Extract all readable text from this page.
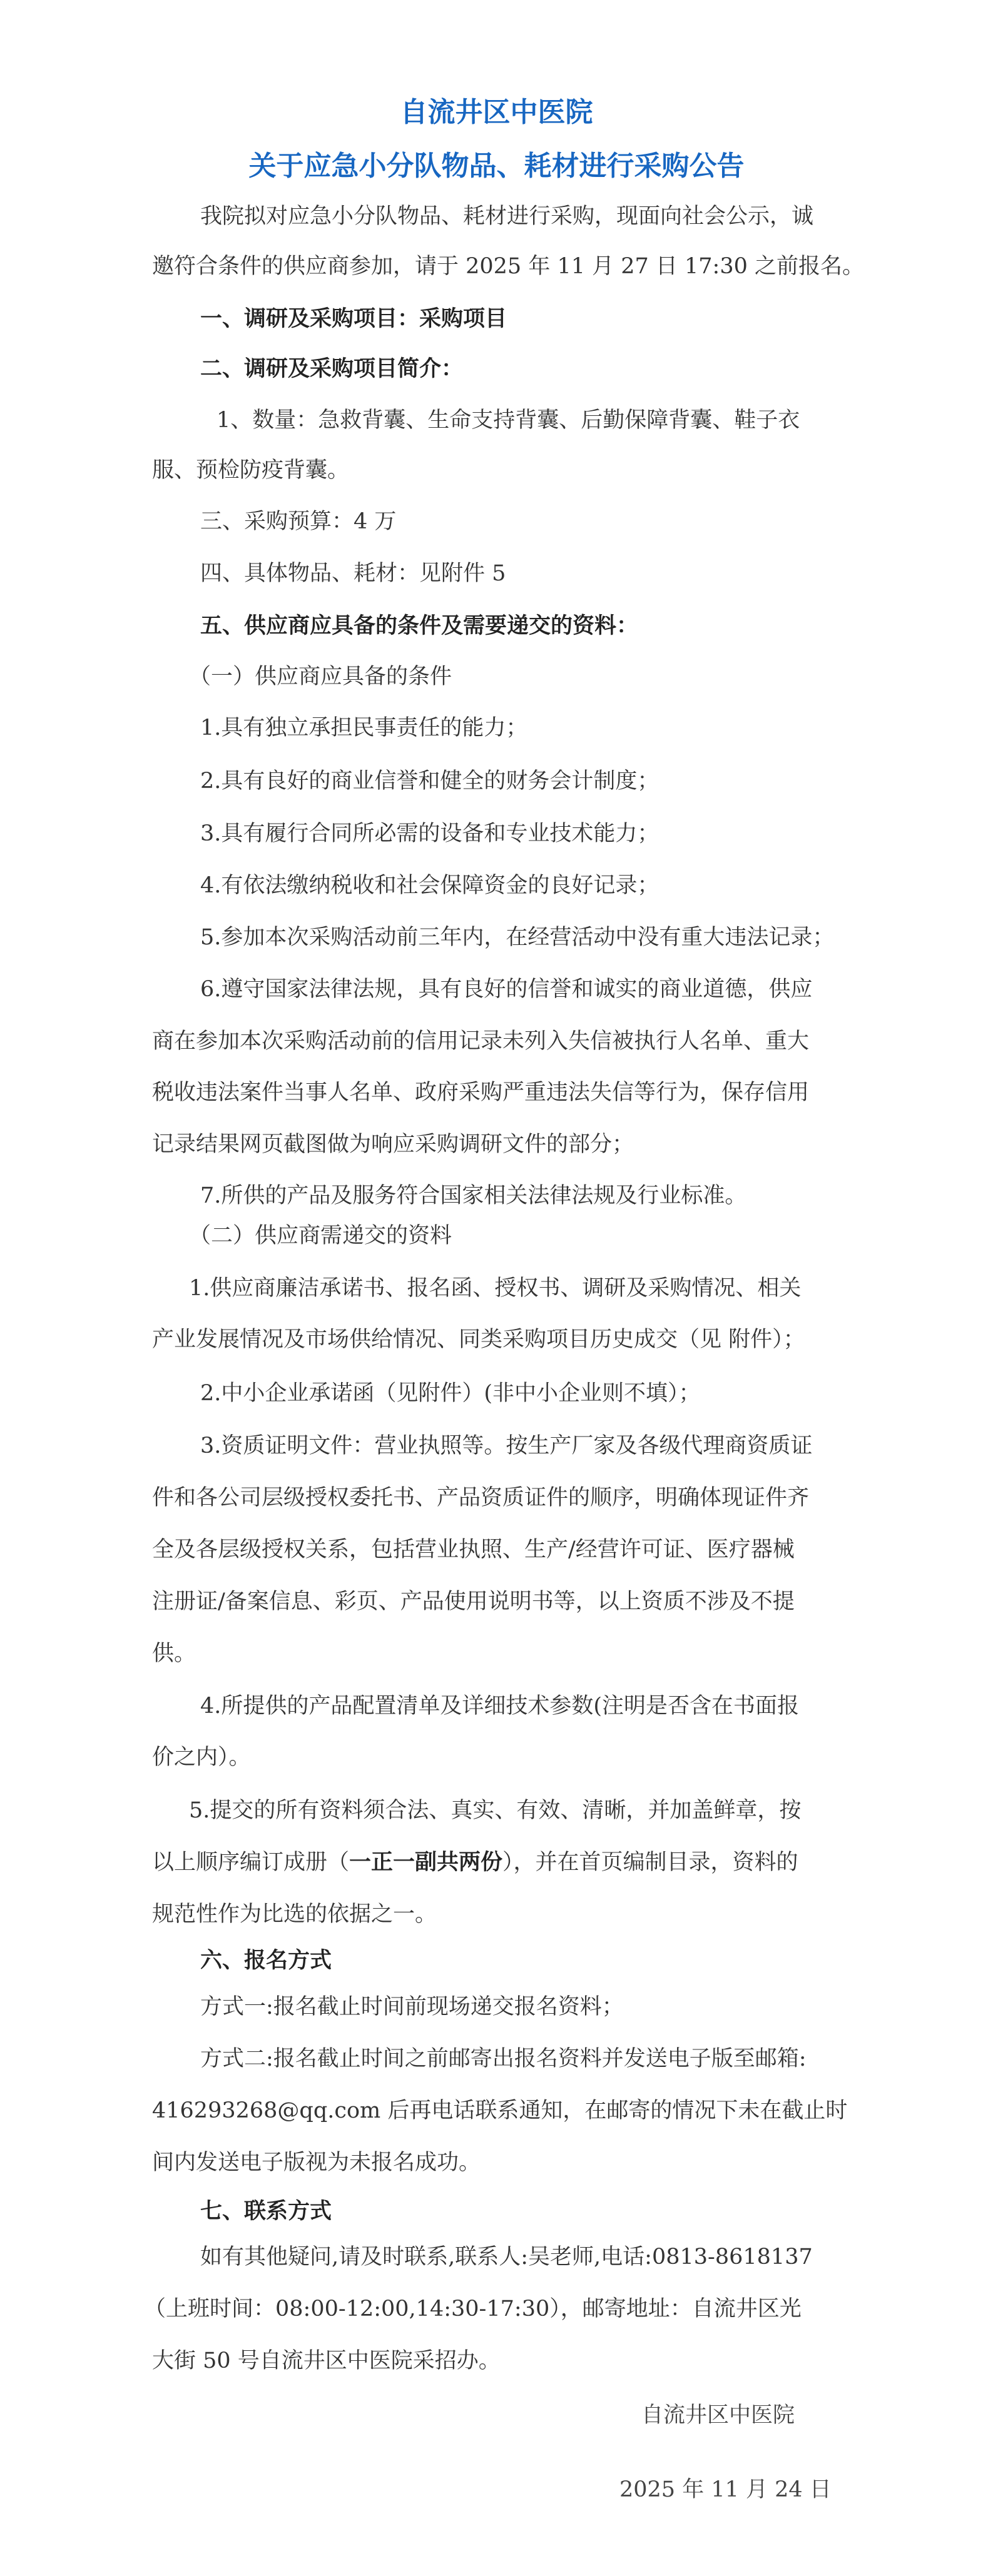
自流井区中医院
关于应急小分队物品、耗材进行采购公告

我院拟对应急小分队物品、耗材进行采购，现面向社会公示，诚

邀符合条件的供应商参加，请于 2025 年 11 月 27 日 17:30 之前报名。

一、调研及采购项目：采购项目

二、调研及采购项目简介：

1、数量：急救背囊、生命支持背囊、后勤保障背囊、鞋子衣

服、预检防疫背囊。

三、采购预算：4 万

四、具体物品、耗材：见附件 5

五、供应商应具备的条件及需要递交的资料：

（一）供应商应具备的条件

1.具有独立承担民事责任的能力；

2.具有良好的商业信誉和健全的财务会计制度；

3.具有履行合同所必需的设备和专业技术能力；

4.有依法缴纳税收和社会保障资金的良好记录；

5.参加本次采购活动前三年内，在经营活动中没有重大违法记录；

6.遵守国家法律法规，具有良好的信誉和诚实的商业道德，供应

商在参加本次采购活动前的信用记录未列入失信被执行人名单、重大

税收违法案件当事人名单、政府采购严重违法失信等行为，保存信用

记录结果网页截图做为响应采购调研文件的部分；

7.所供的产品及服务符合国家相关法律法规及行业标准。

（二）供应商需递交的资料

1.供应商廉洁承诺书、报名函、授权书、调研及采购情况、相关

产业发展情况及市场供给情况、同类采购项目历史成交（见 附件）；

2.中小企业承诺函（见附件）(非中小企业则不填）；

3.资质证明文件：营业执照等。按生产厂家及各级代理商资质证

件和各公司层级授权委托书、产品资质证件的顺序，明确体现证件齐

全及各层级授权关系，包括营业执照、生产/经营许可证、医疗器械

注册证/备案信息、彩页、产品使用说明书等，以上资质不涉及不提

供。

4.所提供的产品配置清单及详细技术参数(注明是否含在书面报

价之内）。

5.提交的所有资料须合法、真实、有效、清晰，并加盖鲜章，按

以上顺序编订成册（一正一副共两份），并在首页编制目录，资料的

规范性作为比选的依据之一。

六、报名方式

方式一:报名截止时间前现场递交报名资料；

方式二:报名截止时间之前邮寄出报名资料并发送电子版至邮箱:

416293268@qq.com 后再电话联系通知，在邮寄的情况下未在截止时

间内发送电子版视为未报名成功。

七、联系方式

如有其他疑问,请及时联系,联系人:吴老师,电话:0813-8618137

（上班时间：08:00-12:00,14:30-17:30），邮寄地址：自流井区光

大街 50 号自流井区中医院采招办。

自流井区中医院

2025 年 11 月 24 日
